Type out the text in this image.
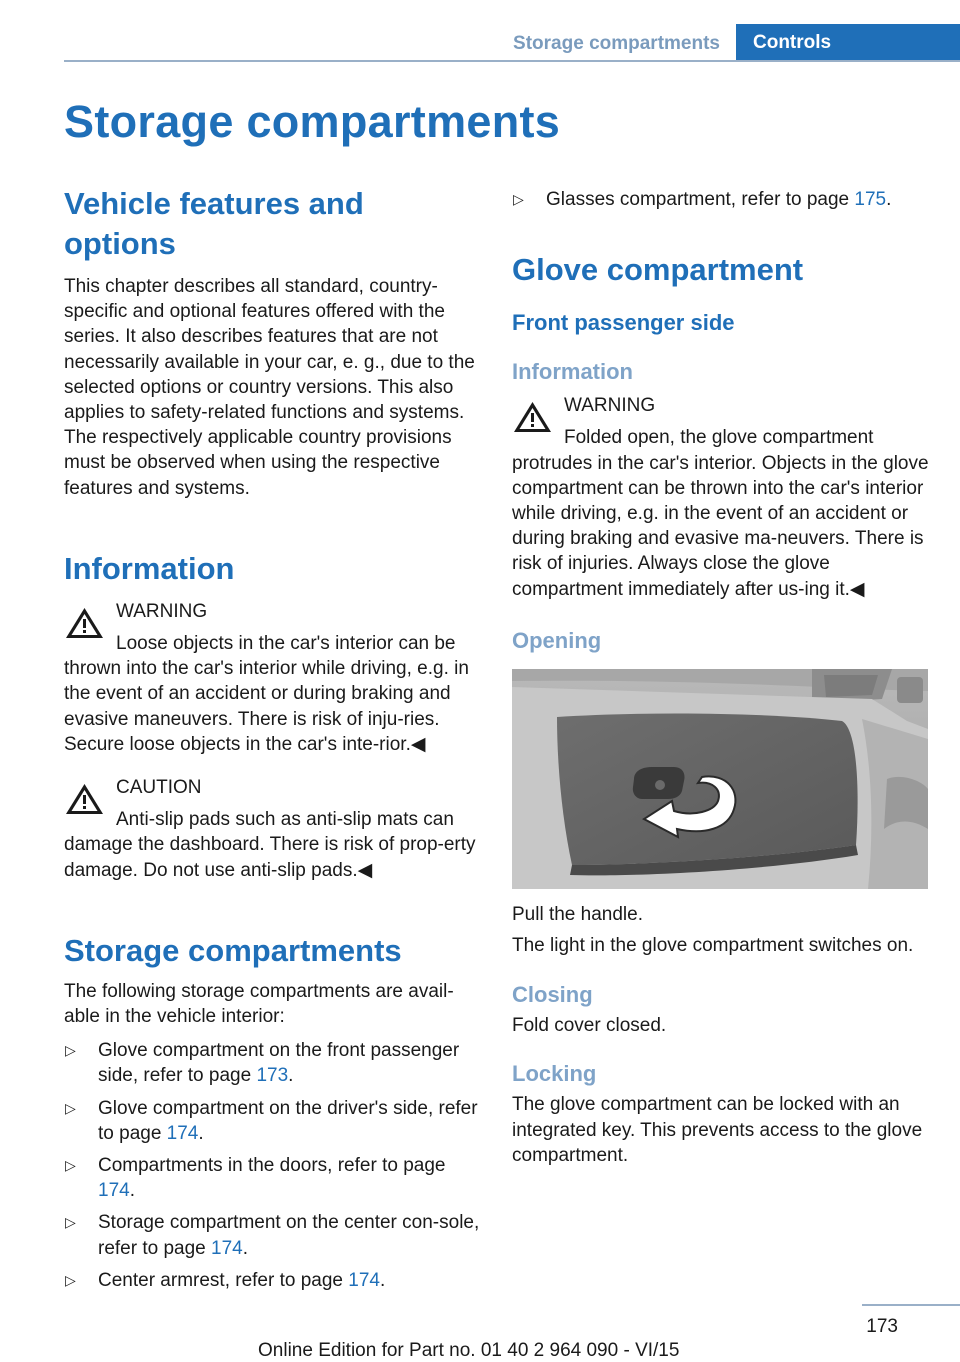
Storage compartments	Controls
Storage compartments
Vehicle features and options

This chapter describes all standard, country-specific and optional features offered with the series. It also describes features that are not necessarily available in your car, e. g., due to the selected options or country versions. This also applies to safety-related functions and systems. The respectively applicable country provisions must be observed when using the respective features and systems.

Information
WARNING
Loose objects in the car's interior can be
thrown into the car's interior while driving, e.g. in the event of an accident or during braking and evasive maneuvers. There is risk of inju‐ries. Secure loose objects in the car's inte‐rior.◀
CAUTION
Anti-slip pads such as anti-slip mats can
damage the dashboard. There is risk of prop‐erty damage. Do not use anti-slip pads.◀
Storage compartments

The following storage compartments are avail‐able in the vehicle interior:

▷ Glove compartment on the front passenger side, refer to page 173.
▷ Glove compartment on the driver's side, refer to page 174.
▷ Compartments in the doors, refer to page 174.
▷ Storage compartment on the center con‐sole, refer to page 174.
▷ Center armrest, refer to page 174.
▷ Glasses compartment, refer to page 175.
Glove compartment
Front passenger side
Information
WARNING
Folded open, the glove compartment
protrudes in the car's interior. Objects in the glove compartment can be thrown into the car's interior while driving, e.g. in the event of an accident or during braking and evasive ma‐neuvers. There is risk of injuries. Always close the glove compartment immediately after us‐ing it.◀
Opening

Pull the handle.

The light in the glove compartment switches on.

Closing

Fold cover closed.

Locking

The glove compartment can be locked with an integrated key. This prevents access to the glove compartment.

173
Online Edition for Part no. 01 40 2 964 090 - VI/15
